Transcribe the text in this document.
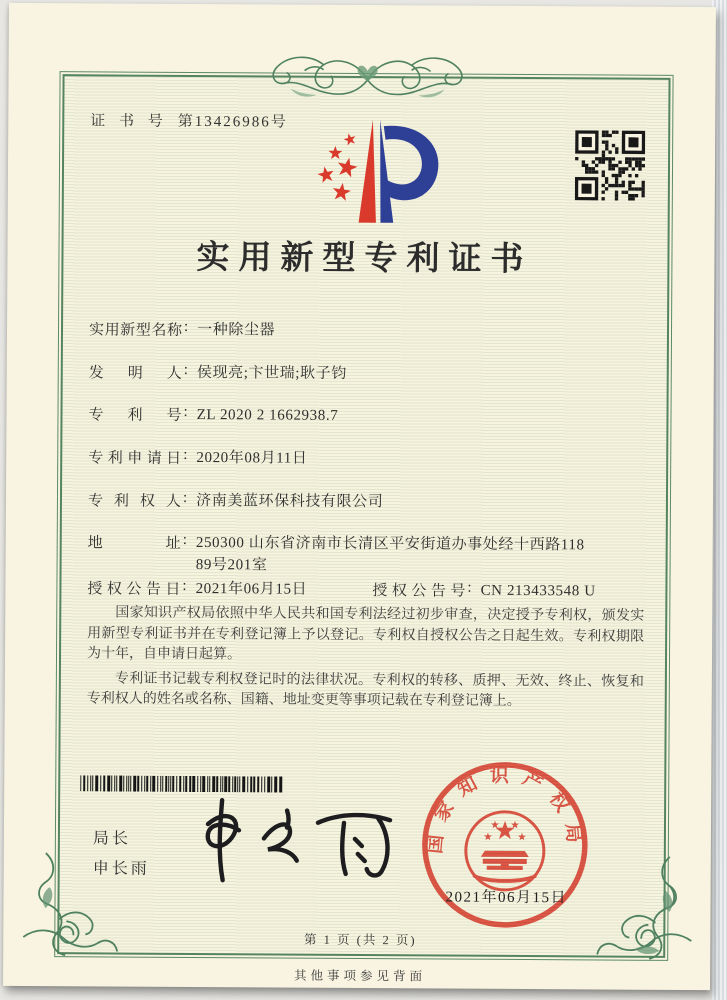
证 书 号 第13426986号
实用新型专利证书
实用新型名称 : 一种除尘器
发明人 : 侯现亮;卞世瑞;耿子钧
专利号 : ZL 2020 2 1662938.7
专利申请日 : 2020年08月11日
专利权人 : 济南美蓝环保科技有限公司
地址 : 250300 山东省济南市长清区平安街道办事处经十西路118
89号201室
授权公告日 : 2021年06月15日	授权公告号 : CN 213433548 U

国家知识产权局依照中华人民共和国专利法经过初步审查，决定授予专利权，颁发实用新型专利证书并在专利登记簿上予以登记。专利权自授权公告之日起生效。专利权期限为十年，自申请日起算。

专利证书记载专利权登记时的法律状况。专利权的转移、质押、无效、终止、恢复和专利权人的姓名或名称、国籍、地址变更等事项记载在专利登记簿上。

局长
申长雨
国家知识产权局
2021年06月15日
第 1 页 (共 2 页)
其他事项参见背面
